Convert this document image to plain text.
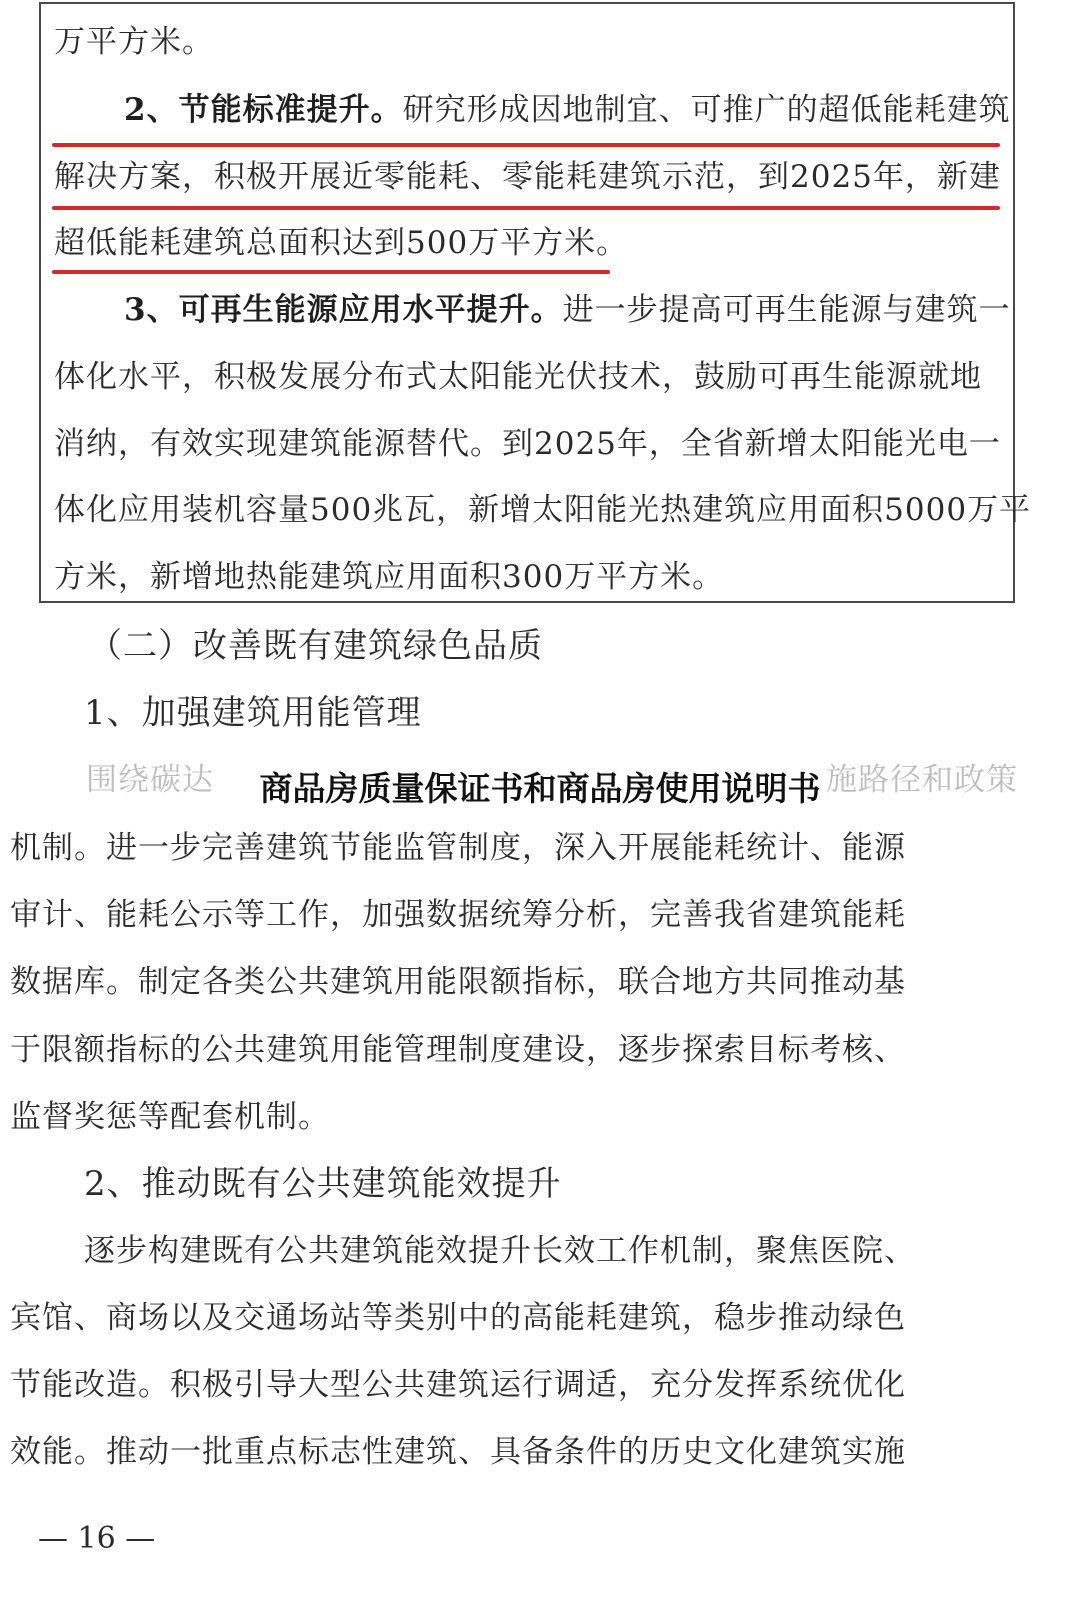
万平方米。
2、节能标准提升。研究形成因地制宜、可推广的超低能耗建筑
解决方案，积极开展近零能耗、零能耗建筑示范，到2025年，新建
超低能耗建筑总面积达到500万平方米。
3、可再生能源应用水平提升。进一步提高可再生能源与建筑一
体化水平，积极发展分布式太阳能光伏技术，鼓励可再生能源就地
消纳，有效实现建筑能源替代。到2025年，全省新增太阳能光电一
体化应用装机容量500兆瓦，新增太阳能光热建筑应用面积5000万平
方米，新增地热能建筑应用面积300万平方米。
（二）改善既有建筑绿色品质
1、加强建筑用能管理
围绕碳达	施路径和政策
机制。进一步完善建筑节能监管制度，深入开展能耗统计、能源
审计、能耗公示等工作，加强数据统筹分析，完善我省建筑能耗
数据库。制定各类公共建筑用能限额指标，联合地方共同推动基
于限额指标的公共建筑用能管理制度建设，逐步探索目标考核、
监督奖惩等配套机制。
2、推动既有公共建筑能效提升
逐步构建既有公共建筑能效提升长效工作机制，聚焦医院、
宾馆、商场以及交通场站等类别中的高能耗建筑，稳步推动绿色
节能改造。积极引导大型公共建筑运行调适，充分发挥系统优化
效能。推动一批重点标志性建筑、具备条件的历史文化建筑实施
商品房质量保证书和商品房使用说明书
— 16 —
